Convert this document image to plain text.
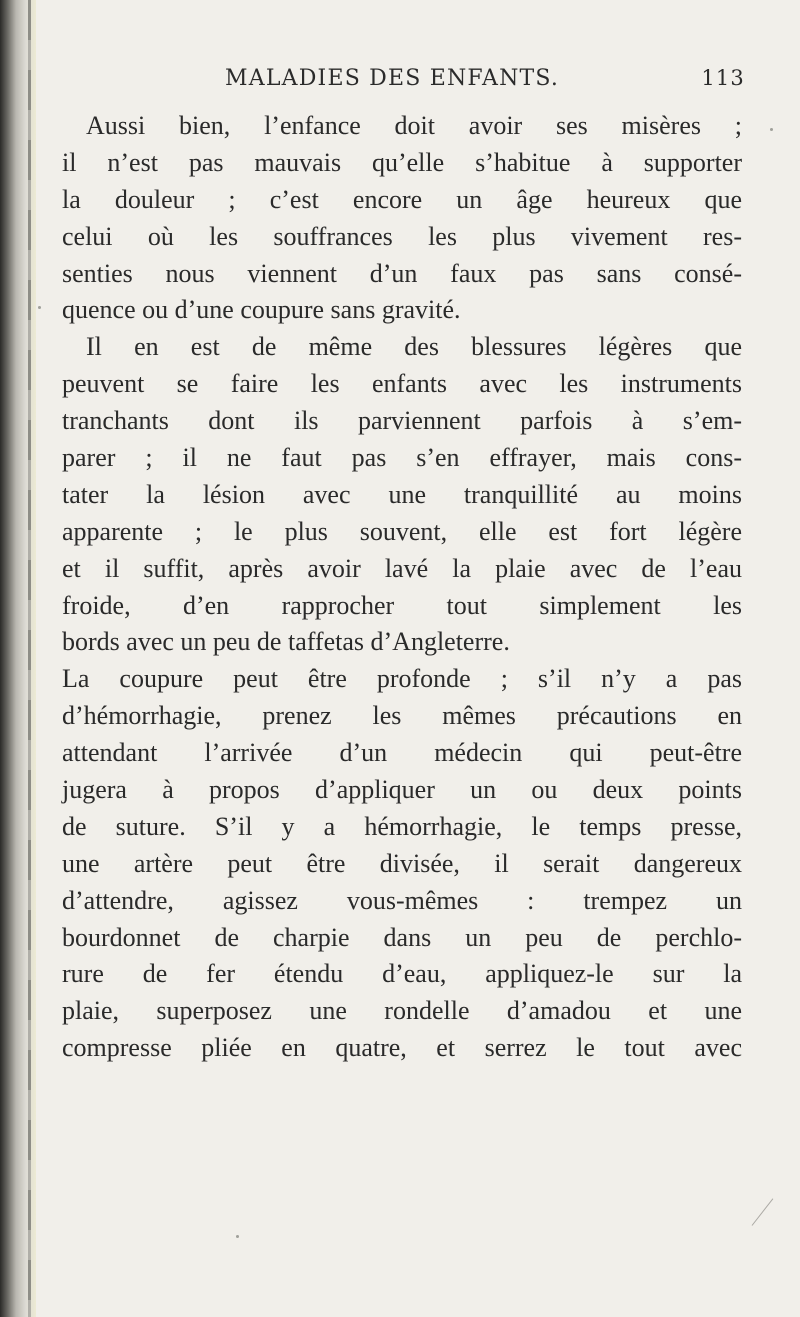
MALADIES DES ENFANTS.	113
Aussi bien, l’enfance doit avoir ses misères ;
il n’est pas mauvais qu’elle s’habitue à supporter
la douleur ; c’est encore un âge heureux que
celui où les souffrances les plus vivement res-
senties nous viennent d’un faux pas sans consé-
quence ou d’une coupure sans gravité.
Il en est de même des blessures légères que
peuvent se faire les enfants avec les instruments
tranchants dont ils parviennent parfois à s’em-
parer ; il ne faut pas s’en effrayer, mais cons-
tater la lésion avec une tranquillité au moins
apparente ; le plus souvent, elle est fort légère
et il suffit, après avoir lavé la plaie avec de l’eau
froide, d’en rapprocher tout simplement les
bords avec un peu de taffetas d’Angleterre.
La coupure peut être profonde ; s’il n’y a pas
d’hémorrhagie, prenez les mêmes précautions en
attendant l’arrivée d’un médecin qui peut-être
jugera à propos d’appliquer un ou deux points
de suture. S’il y a hémorrhagie, le temps presse,
une artère peut être divisée, il serait dangereux
d’attendre, agissez vous-mêmes : trempez un
bourdonnet de charpie dans un peu de perchlo-
rure de fer étendu d’eau, appliquez-le sur la
plaie, superposez une rondelle d’amadou et une
compresse pliée en quatre, et serrez le tout avec
